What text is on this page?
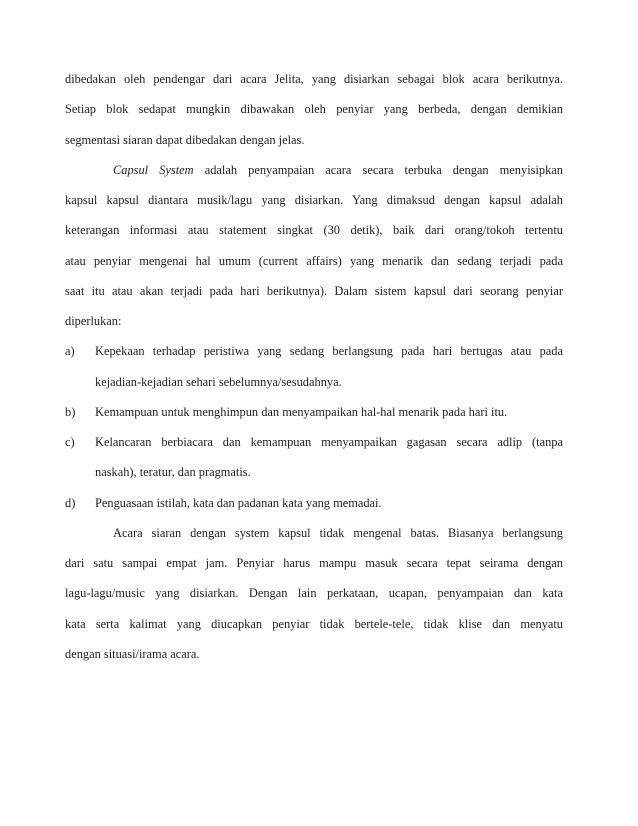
dibedakan oleh pendengar dari acara Jelita, yang disiarkan sebagai blok acara berikutnya.
Setiap blok sedapat mungkin dibawakan oleh penyiar yang berbeda, dengan demikian
segmentasi siaran dapat dibedakan dengan jelas.
Capsul System adalah penyampaian acara secara terbuka dengan menyisipkan
kapsul kapsul diantara musik/lagu yang disiarkan. Yang dimaksud dengan kapsul adalah
keterangan informasi atau statement singkat (30 detik), baik dari orang/tokoh tertentu
atau penyiar mengenai hal umum (current affairs) yang menarik dan sedang terjadi pada
saat itu atau akan terjadi pada hari berikutnya). Dalam sistem kapsul dari seorang penyiar
diperlukan:
a) Kepekaan terhadap peristiwa yang sedang berlangsung pada hari bertugas atau pada
kejadian-kejadian sehari sebelumnya/sesudahnya.
b) Kemampuan untuk menghimpun dan menyampaikan hal-hal menarik pada hari itu.
c) Kelancaran berbiacara dan kemampuan menyampaikan gagasan secara adlip (tanpa
naskah), teratur, dan pragmatis.
d) Penguasaan istilah, kata dan padanan kata yang memadai.
Acara siaran dengan system kapsul tidak mengenal batas. Biasanya berlangsung
dari satu sampai empat jam. Penyiar harus mampu masuk secara tepat seirama dengan
lagu-lagu/music yang disiarkan. Dengan lain perkataan, ucapan, penyampaian dan kata
kata serta kalimat yang diucapkan penyiar tidak bertele-tele, tidak klise dan menyatu
dengan situasi/irama acara.
